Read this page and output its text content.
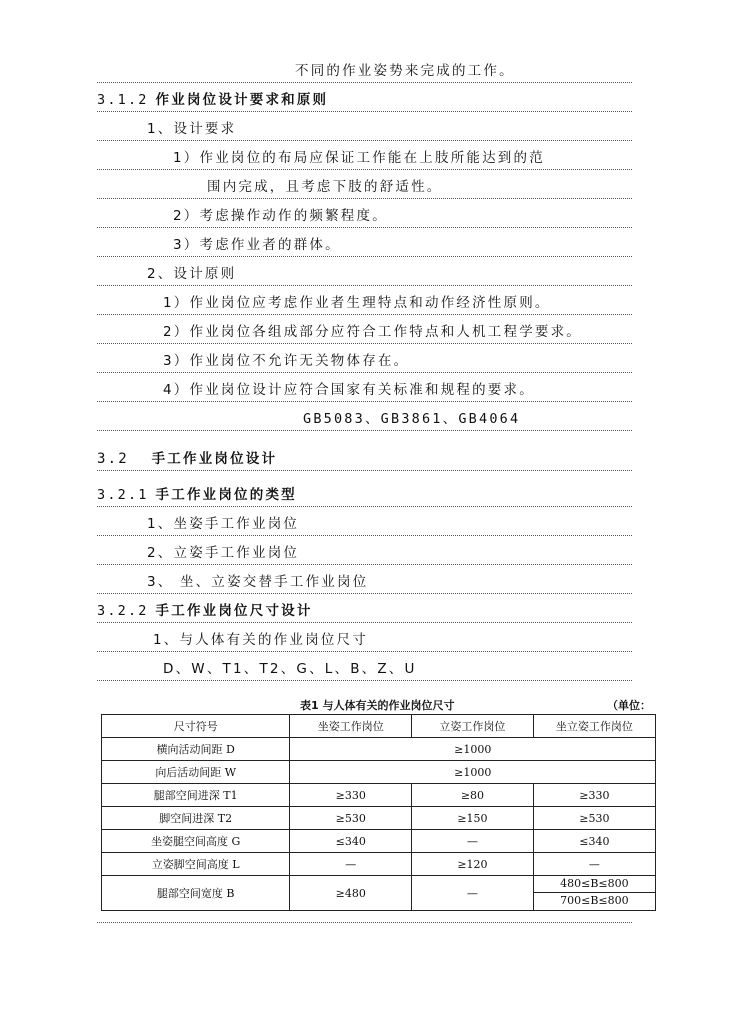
不同的作业姿势来完成的工作。
3.1.2 作业岗位设计要求和原则
1、设计要求
1）作业岗位的布局应保证工作能在上肢所能达到的范
围内完成，且考虑下肢的舒适性。
2）考虑操作动作的频繁程度。
3）考虑作业者的群体。
2、设计原则
1）作业岗位应考虑作业者生理特点和动作经济性原则。
2）作业岗位各组成部分应符合工作特点和人机工程学要求。
3）作业岗位不允许无关物体存在。
4）作业岗位设计应符合国家有关标准和规程的要求。
GB5083、GB3861、GB4064
3.2 手工作业岗位设计
3.2.1 手工作业岗位的类型
1、坐姿手工作业岗位
2、立姿手工作业岗位
3、 坐、立姿交替手工作业岗位
3.2.2 手工作业岗位尺寸设计
1、与人体有关的作业岗位尺寸
D、W、T1、T2、G、L、B、Z、U
表1 与人体有关的作业岗位尺寸	（单位：
尺寸符号	坐姿工作岗位	立姿工作岗位	坐立姿工作岗位
横向活动间距 D	≥1000		
向后活动间距 W	≥1000		
腿部空间进深 T1	≥330	≥80	≥330
脚空间进深 T2	≥530	≥150	≥530
坐姿腿空间高度 G	≤340	—	≤340
立姿脚空间高度 L	—	≥120	—
腿部空间宽度 B	≥480	—	480≤B≤800
700≤B≤800
